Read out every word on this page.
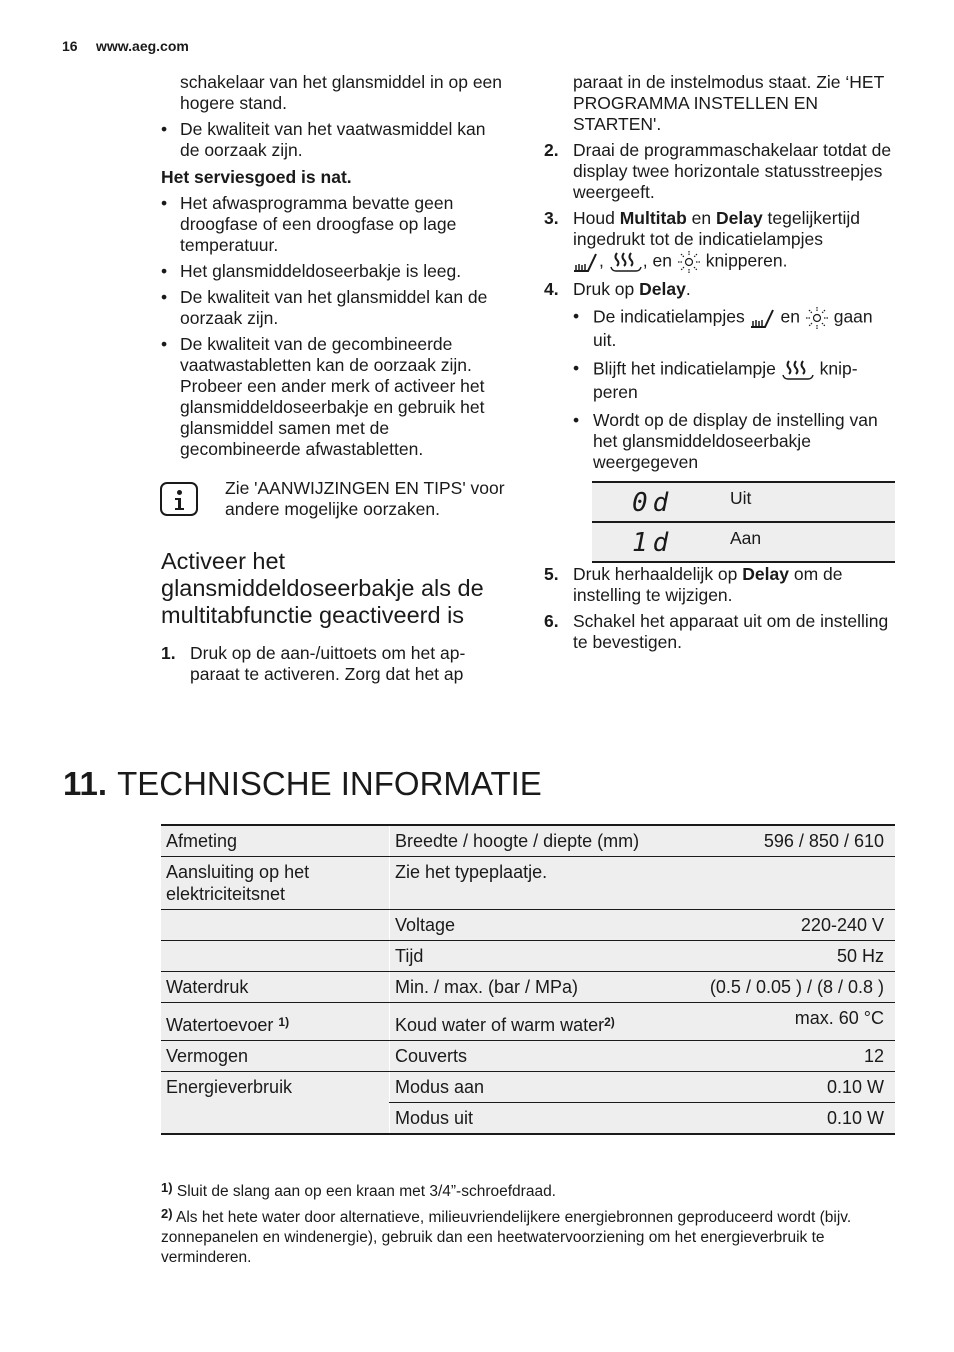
16 www.aeg.com
schakelaar van het glansmiddel in op een hogere stand.
• De kwaliteit van het vaatwasmiddel kan de oorzaak zijn.
Het serviesgoed is nat.
• Het afwasprogramma bevatte geen droogfase of een droogfase op lage temperatuur.
• Het glansmiddeldoseerbakje is leeg.
• De kwaliteit van het glansmiddel kan de oorzaak zijn.
• De kwaliteit van de gecombineerde vaatwastabletten kan de oorzaak zijn. Probeer een ander merk of activeer het glansmiddeldoseerbakje en gebruik het glansmiddel samen met de gecombineerde afwastabletten.
Zie 'AANWIJZINGEN EN TIPS' voor andere mogelijke oorzaken.
Activeer het glansmiddeldoseerbakje als de multitabfunctie geactiveerd is
1. Druk op de aan-/uittoets om het apparaat te activeren. Zorg dat het ap
paraat in de instelmodus staat. Zie ‘HET PROGRAMMA INSTELLEN EN STARTEN'.
2. Draai de programmaschakelaar totdat de display twee horizontale statusstreepjes weergeeft.
3. Houd Multitab en Delay tegelijkertijd ingedrukt tot de indicatielampjes
, , en knipperen.
4. Druk op Delay.
• De indicatielampjes en gaan uit.
• Blijft het indicatielampje	knipperen
• Wordt op de display de instelling van het glansmiddeldoseerbakje weergegeven
0d	Uit
1d	Aan
5. Druk herhaaldelijk op Delay om de instelling te wijzigen.
6. Schakel het apparaat uit om de instelling te bevestigen.
11. TECHNISCHE INFORMATIE
Afmeting	Breedte / hoogte / diepte (mm)	596 / 850 / 610
Aansluiting op het elektriciteitsnet	Zie het typeplaatje.	
	Voltage	220-240 V
	Tijd	50 Hz
Waterdruk	Min. / max. (bar / MPa)	(0.5 / 0.05 ) / (8 / 0.8 )
Watertoevoer $^{1)}$	Koud water of warm water$^{2)}$	max. 60 °C
Vermogen	Couverts	12
Energieverbruik	Modus aan	0.10 W
	Modus uit	0.10 W
$^{1)}$ Sluit de slang aan op een kraan met 3/4”-schroefdraad.
$^{2)}$ Als het hete water door alternatieve, milieuvriendelijkere energiebronnen geproduceerd wordt (bijv. zonnepanelen en windenergie), gebruik dan een heetwatervoorziening om het energieverbruik te verminderen.
